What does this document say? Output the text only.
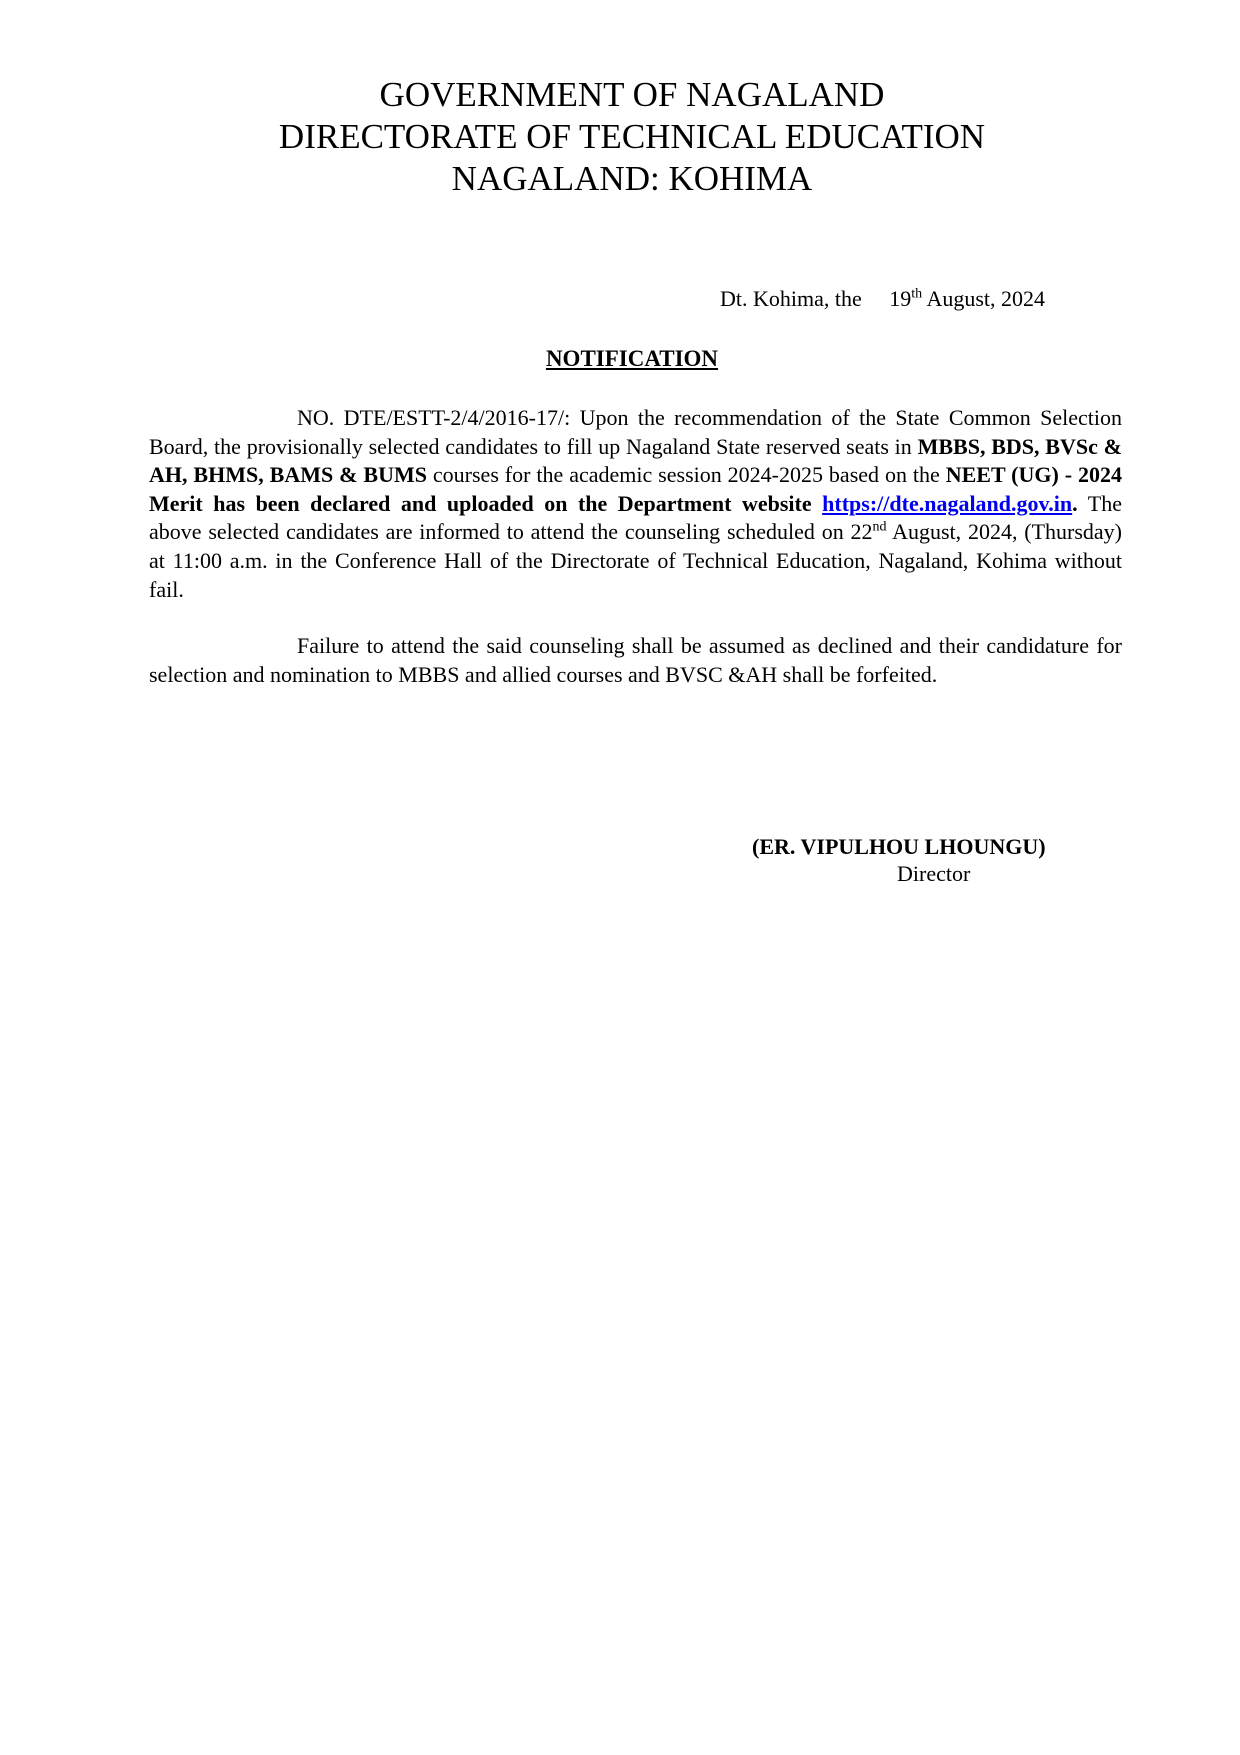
GOVERNMENT OF NAGALAND
DIRECTORATE OF TECHNICAL EDUCATION
NAGALAND: KOHIMA
Dt. Kohima, the 19th August, 2024
NOTIFICATION
NO. DTE/ESTT-2/4/2016-17/: Upon the recommendation of the State Common Selection Board, the provisionally selected candidates to fill up Nagaland State reserved seats in MBBS, BDS, BVSc & AH, BHMS, BAMS & BUMS courses for the academic session 2024-2025 based on the NEET (UG) - 2024 Merit has been declared and uploaded on the Department website https://dte.nagaland.gov.in. The above selected candidates are informed to attend the counseling scheduled on 22nd August, 2024, (Thursday) at 11:00 a.m. in the Conference Hall of the Directorate of Technical Education, Nagaland, Kohima without fail.
Failure to attend the said counseling shall be assumed as declined and their candidature for selection and nomination to MBBS and allied courses and BVSC &AH shall be forfeited.
(ER. VIPULHOU LHOUNGU)
Director
